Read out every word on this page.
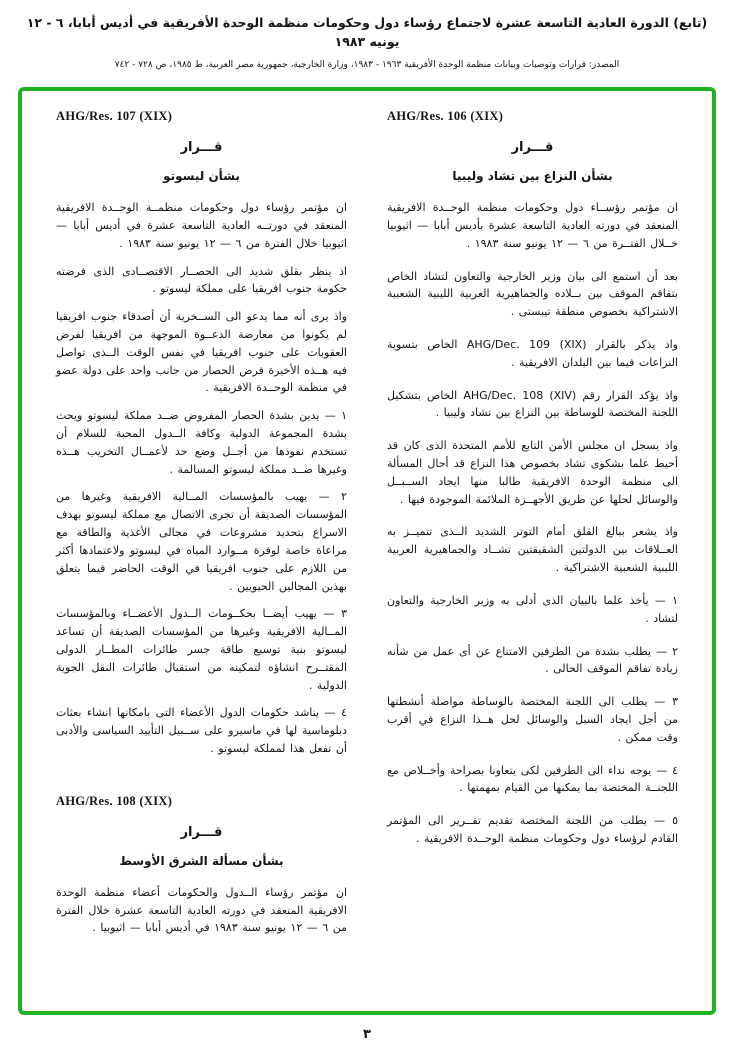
(تابع) الدورة العادية التاسعة عشرة لاجتماع رؤساء دول وحكومات منظمة الوحدة الأفريقية في أديس أبابا، ٦ - ١٢ يونيه ١٩٨٣
المصدر: قرارات وتوصيات وبيانات منظمة الوحدة الأفريقية ١٩٦٣ - ١٩٨٣، وزارة الخارجية، جمهورية مصر العربية، ط ١٩٨٥، ص ٧٢٨ - ٧٤٢
AHG/Res. 107 (XIX)
قـــرار
بشأن ليسوتو

ان مؤتمر رؤساء دول وحكومات منظمــة الوحــدة الافريقية المنعقد في دورتــه العادية التاسعة عشرة في أديس أبابا — اثيوبيا خلال الفترة من ٦ — ١٢ يونيو سنة ١٩٨٣ .

اذ ينظر بقلق شديد الى الحصــار الاقتصــادى الذى فرضته حكومة جنوب افريقيا على مملكة ليسوتو .

واذ يرى أنه مما يدعو الى الســخرية أن أصدقاء جنوب افريقيا لم يكونوا من معارضة الدعــوة الموجهة من افريقيا لفرض العقوبات على جنوب افريقيا في نفس الوقت الــذى تواصل فيه هــذه الأخيرة فرض الحصار من جانب واحد على دولة عضو في منظمة الوحــدة الافريقية .

١ — يدين بشدة الحصار المفروض ضــد مملكة ليسوتو ويحث بشدة المجموعة الدولية وكافة الــدول المحبة للسلام أن تستخدم نفوذها من أجــل وضع حد لأعمــال التخريب هــذه وغيرها ضــد مملكة ليسوتو المسالمة .

٢ — يهيب بالمؤسسات المــالية الافريقية وغيرها من المؤسسات الصديقة أن تجرى الاتصال مع مملكة ليسوتو بهدف الاسراع بتحديد مشروعات في مجالى الأغذية والطاقة مع مراعاة خاصة لوفرة مــوارد المياه في ليسوتو ولاعتمادها أكثر من اللازم على جنوب افريقيا في الوقت الحاضر فيما يتعلق بهذين المجالين الحيويين .

٣ — يهيب أيضــا بحكــومات الــدول الأعضــاء وبالمؤسسات المــالية الافريقية وغيرها من المؤسسات الصديقة أن تساعد ليسوتو بنية توسيع طاقة جسر طائرات المطــار الدولى المقتــرح انشاؤه لتمكينه من استقبال طائرات النقل الجوية الدولية .

٤ — يناشد حكومات الدول الأعضاء التى بامكانها انشاء بعثات دبلوماسية لها في ماسيرو على ســبيل التأييد السياسى والأدبى أن تفعل هذا لمملكة ليسوتو .

AHG/Res. 108 (XIX)
قـــرار
بشأن مسألة الشرق الأوسط

ان مؤتمر رؤساء الــدول والحكومات أعضاء منظمة الوحدة الافريقية المنعقد في دورته العادية التاسعة عشرة خلال الفترة من ٦ — ١٢ يونيو سنة ١٩٨٣ في أديس أبابا — اثيوبيا .

AHG/Res. 106 (XIX)
قـــرار
بشأن النزاع بين تشاد وليبيا

ان مؤتمر رؤســاء دول وحكومات منظمة الوحــدة الافريقية المنعقد في دورته العادية التاسعة عشرة بأديس أبابا — اثيوبيا خــلال الفتــرة من ٦ — ١٢ يونيو سنة ١٩٨٣ .

بعد أن استمع الى بيان وزير الخارجية والتعاون لتشاد الخاص بتفاقم الموقف بين بــلاده والجماهيرية العربية الليبية الشعبية الاشتراكية بخصوص منطقة تيبستى .

واذ يذكر بالقرار AHG/Dec. 109 (XIX)‏ الخاص بتسوية النزاعات فيما بين البلدان الافريقية .

واذ يؤكد القرار رقم AHG/Dec. 108 (XIV)‏ الخاص بتشكيل اللجنة المختصة للوساطة بين النزاع بين تشاد وليبيا .

واذ يسجل ان مجلس الأمن التابع للأمم المتحدة الذى كان قد أحيط علما بشكوى تشاد بخصوص هذا النزاع قد أحال المسألة الى منظمة الوحدة الافريقية طالبا منها ايجاد الســبــل والوسائل لحلها عن طريق الأجهــزة الملائمة الموجودة فيها .

واذ يشعر ببالغ القلق أمام التوتر الشديد الــذى تتميــز به العــلاقات بين الدولتين الشقيقتين تشــاد والجماهيرية العربية الليبية الشعبية الاشتراكية .

١ — يأخذ علما بالبيان الذى أدلى به وزير الخارجية والتعاون لتشاد .

٢ — يطلب بشدة من الطرفين الامتناع عن أى عمل من شأنه زيادة تفاقم الموقف الحالى .

٣ — يطلب الى اللجنة المختصة بالوساطة مواصلة أنشطتها من أجل ايجاد السبل والوسائل لحل هــذا النزاع في أقرب وقت ممكن .

٤ — يوجه نداء الى الطرفين لكى يتعاونا بصراحة وأخــلاص مع اللجنــة المختصة بما يمكنها من القيام بمهمتها .

٥ — يطلب من اللجنة المختصة تقديم تقــرير الى المؤتمر القادم لرؤساء دول وحكومات منظمة الوحــدة الافريقية .

٣
